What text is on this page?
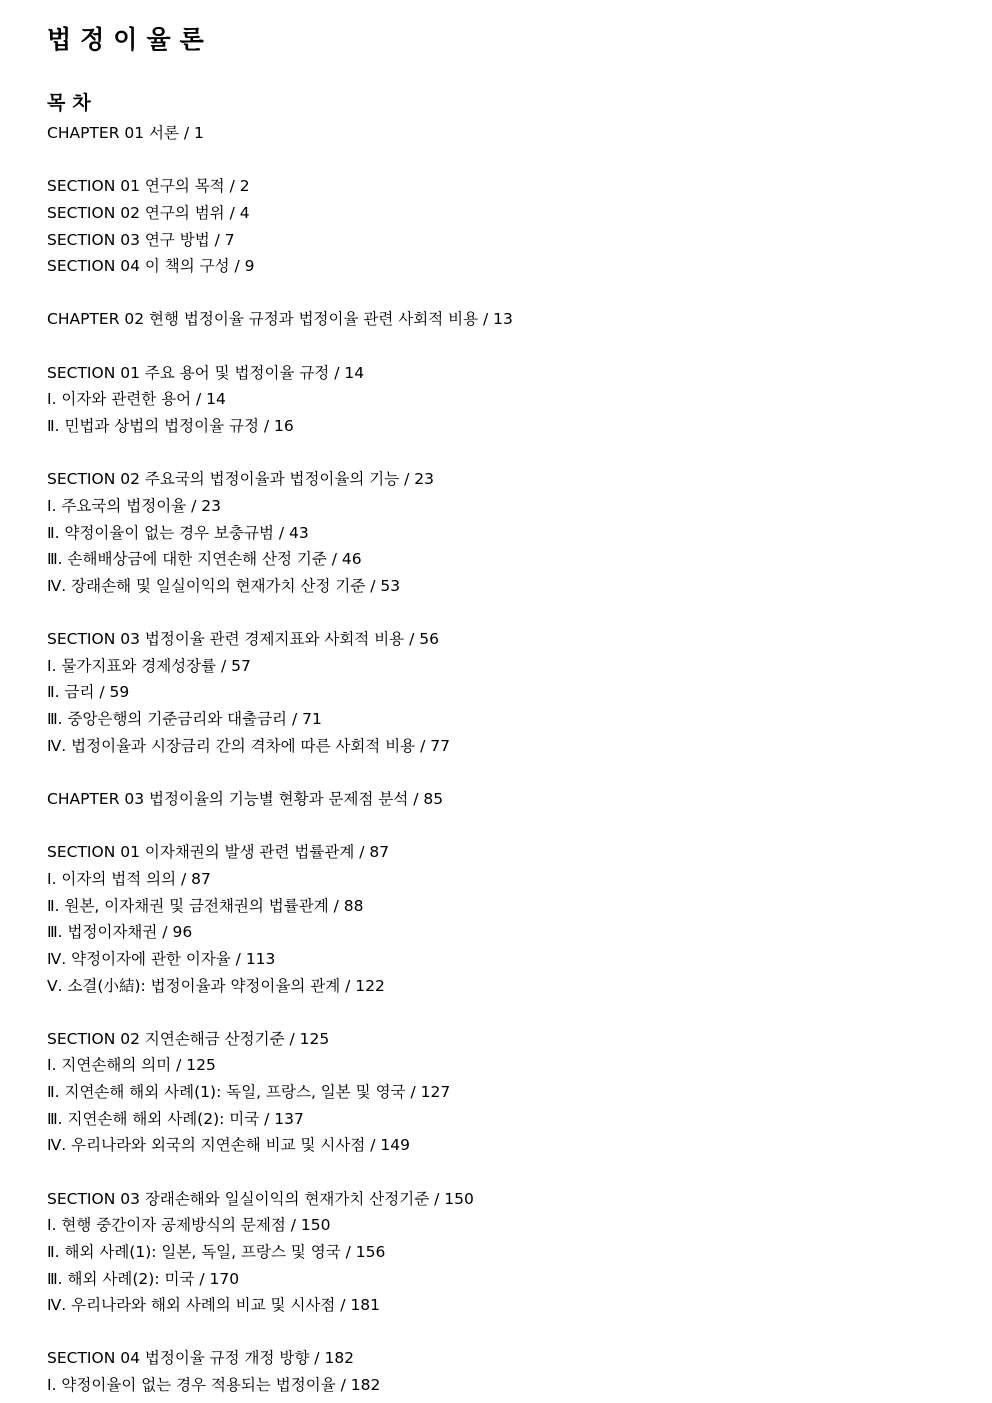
법정이율론
목차
CHAPTER 01 서론 / 1
SECTION 01 연구의 목적 / 2
SECTION 02 연구의 범위 / 4
SECTION 03 연구 방법 / 7
SECTION 04 이 책의 구성 / 9
CHAPTER 02 현행 법정이율 규정과 법정이율 관련 사회적 비용 / 13
SECTION 01 주요 용어 및 법정이율 규정 / 14
Ⅰ. 이자와 관련한 용어 / 14
Ⅱ. 민법과 상법의 법정이율 규정 / 16
SECTION 02 주요국의 법정이율과 법정이율의 기능 / 23
Ⅰ. 주요국의 법정이율 / 23
Ⅱ. 약정이율이 없는 경우 보충규범 / 43
Ⅲ. 손해배상금에 대한 지연손해 산정 기준 / 46
Ⅳ. 장래손해 및 일실이익의 현재가치 산정 기준 / 53
SECTION 03 법정이율 관련 경제지표와 사회적 비용 / 56
Ⅰ. 물가지표와 경제성장률 / 57
Ⅱ. 금리 / 59
Ⅲ. 중앙은행의 기준금리와 대출금리 / 71
Ⅳ. 법정이율과 시장금리 간의 격차에 따른 사회적 비용 / 77
CHAPTER 03 법정이율의 기능별 현황과 문제점 분석 / 85
SECTION 01 이자채권의 발생 관련 법률관계 / 87
Ⅰ. 이자의 법적 의의 / 87
Ⅱ. 원본, 이자채권 및 금전채권의 법률관계 / 88
Ⅲ. 법정이자채권 / 96
Ⅳ. 약정이자에 관한 이자율 / 113
Ⅴ. 소결(小結): 법정이율과 약정이율의 관계 / 122
SECTION 02 지연손해금 산정기준 / 125
Ⅰ. 지연손해의 의미 / 125
Ⅱ. 지연손해 해외 사례(1): 독일, 프랑스, 일본 및 영국 / 127
Ⅲ. 지연손해 해외 사례(2): 미국 / 137
Ⅳ. 우리나라와 외국의 지연손해 비교 및 시사점 / 149
SECTION 03 장래손해와 일실이익의 현재가치 산정기준 / 150
Ⅰ. 현행 중간이자 공제방식의 문제점 / 150
Ⅱ. 해외 사례(1): 일본, 독일, 프랑스 및 영국 / 156
Ⅲ. 해외 사례(2): 미국 / 170
Ⅳ. 우리나라와 해외 사례의 비교 및 시사점 / 181
SECTION 04 법정이율 규정 개정 방향 / 182
Ⅰ. 약정이율이 없는 경우 적용되는 법정이율 / 182
